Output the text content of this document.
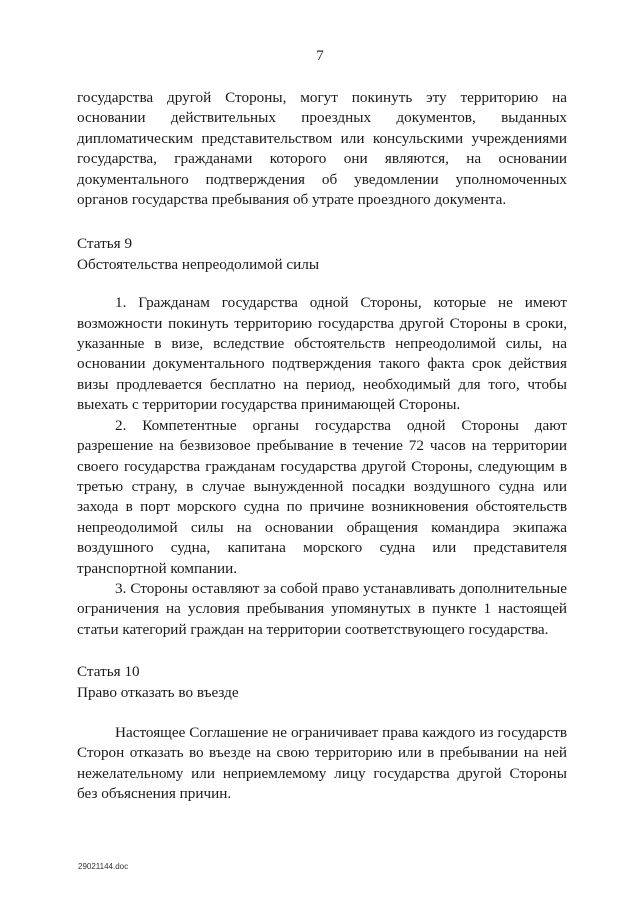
7

государства другой Стороны, могут покинуть эту территорию на основании действительных проездных документов, выданных дипломатическим представительством или консульскими учреждениями государства, гражданами которого они являются, на основании документального подтверждения об уведомлении уполномоченных органов государства пребывания об утрате проездного документа.

Статья 9

Обстоятельства непреодолимой силы

1. Гражданам государства одной Стороны, которые не имеют возможности покинуть территорию государства другой Стороны в сроки, указанные в визе, вследствие обстоятельств непреодолимой силы, на основании документального подтверждения такого факта срок действия визы продлевается бесплатно на период, необходимый для того, чтобы выехать с территории государства принимающей Стороны.

2. Компетентные органы государства одной Стороны дают разрешение на безвизовое пребывание в течение 72 часов на территории своего государства гражданам государства другой Стороны, следующим в третью страну, в случае вынужденной посадки воздушного судна или захода в порт морского судна по причине возникновения обстоятельств непреодолимой силы на основании обращения командира экипажа воздушного судна, капитана морского судна или представителя транспортной компании.

3. Стороны оставляют за собой право устанавливать дополнительные ограничения на условия пребывания упомянутых в пункте 1 настоящей статьи категорий граждан на территории соответствующего государства.

Статья 10

Право отказать во въезде

Настоящее Соглашение не ограничивает права каждого из государств Сторон отказать во въезде на свою территорию или в пребывании на ней нежелательному или неприемлемому лицу государства другой Стороны без объяснения причин.

29021144.doc
